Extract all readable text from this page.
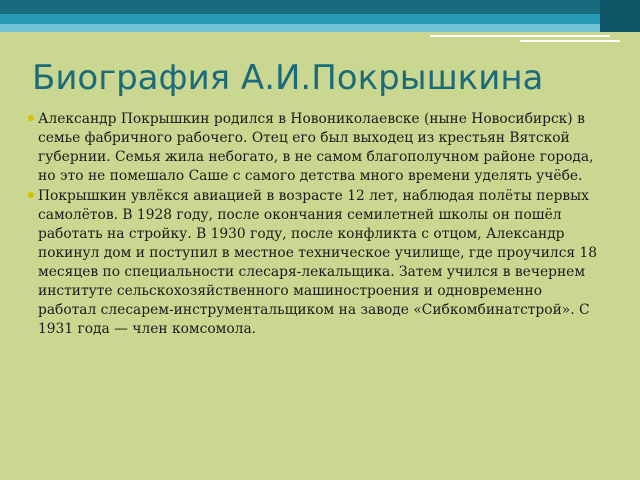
Биография А.И.Покрышкина
Александр Покрышкин родился в Новониколаевске (ныне Новосибирск) в семье фабричного рабочего. Отец его был выходец из крестьян Вятской губернии. Семья жила небогато, в не самом благополучном районе города, но это не помешало Саше с самого детства много времени уделять учёбе.
Покрышкин увлёкся авиацией в возрасте 12 лет, наблюдая полёты первых самолётов. В 1928 году, после окончания семилетней школы он пошёл работать на стройку. В 1930 году, после конфликта с отцом, Александр покинул дом и поступил в местное техническое училище, где проучился 18 месяцев по специальности слесаря-лекальщика. Затем учился в вечернем институте сельскохозяйственного машиностроения и одновременно работал слесарем-инструментальщиком на заводе «Сибкомбинатстрой». С 1931 года — член комсомола.
